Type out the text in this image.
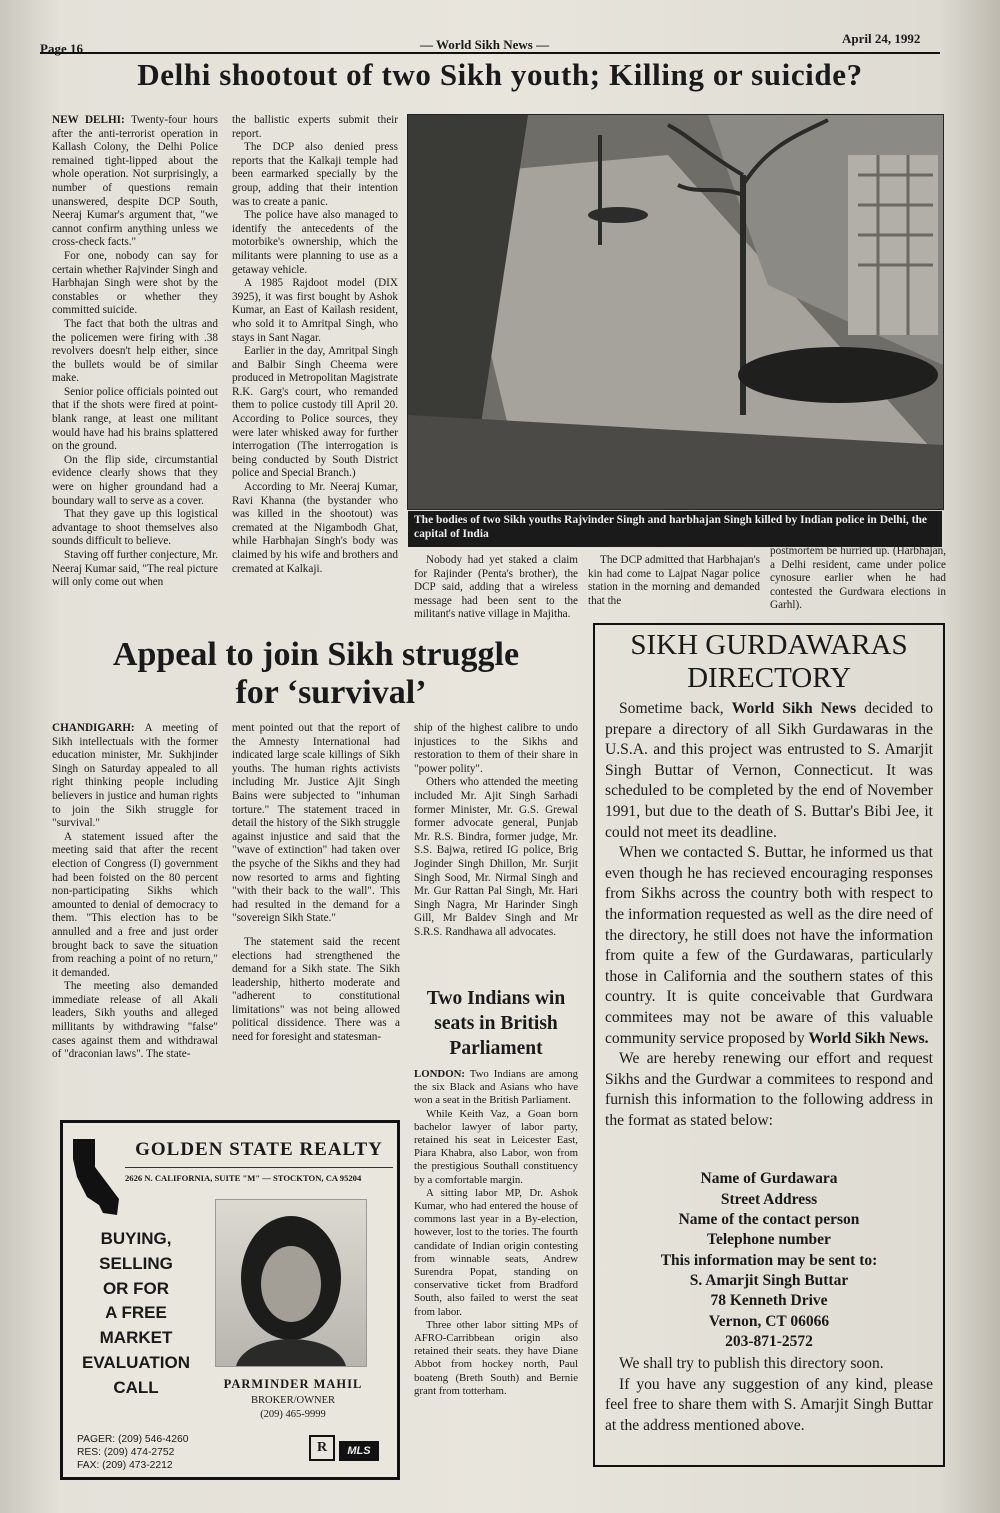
Page 16	— World Sikh News —	April 24, 1992
Delhi shootout of two Sikh youth; Killing or suicide?

NEW DELHI: Twenty-four hours after the anti-terrorist operation in Kallash Colony, the Delhi Police remained tight-lipped about the whole operation. Not surprisingly, a number of questions remain unanswered, despite DCP South, Neeraj Kumar's argument that, "we cannot confirm anything unless we cross-check facts."

For one, nobody can say for certain whether Rajvinder Singh and Harbhajan Singh were shot by the constables or whether they committed suicide.

The fact that both the ultras and the policemen were firing with .38 revolvers doesn't help either, since the bullets would be of similar make.

Senior police officials pointed out that if the shots were fired at point-blank range, at least one militant would have had his brains splattered on the ground.

On the flip side, circumstantial evidence clearly shows that they were on higher groundand had a boundary wall to serve as a cover.

That they gave up this logistical advantage to shoot themselves also sounds difficult to believe.

Staving off further conjecture, Mr. Neeraj Kumar said, "The real picture will only come out when

the ballistic experts submit their report.

The DCP also denied press reports that the Kalkaji temple had been earmarked specially by the group, adding that their intention was to create a panic.

The police have also managed to identify the antecedents of the motorbike's ownership, which the militants were planning to use as a getaway vehicle.

A 1985 Rajdoot model (DIX 3925), it was first bought by Ashok Kumar, an East of Kailash resident, who sold it to Amritpal Singh, who stays in Sant Nagar.

Earlier in the day, Amritpal Singh and Balbir Singh Cheema were produced in Metropolitan Magistrate R.K. Garg's court, who remanded them to police custody till April 20. According to Police sources, they were later whisked away for further interrogation (The interrogation is being conducted by South District police and Special Branch.)

According to Mr. Neeraj Kumar, Ravi Khanna (the bystander who was killed in the shootout) was cremated at the Nigambodh Ghat, while Harbhajan Singh's body was claimed by his wife and brothers and cremated at Kalkaji.

The bodies of two Sikh youths Rajvinder Singh and harbhajan Singh killed by Indian police in Delhi, the capital of India

Nobody had yet staked a claim for Rajinder (Penta's brother), the DCP said, adding that a wireless message had been sent to the militant's native village in Majitha.

The DCP admitted that Harbhajan's kin had come to Lajpat Nagar police station in the morning and demanded that the

postmortem be hurried up. (Harbhajan, a Delhi resident, came under police cynosure earlier when he had contested the Gurdwara elections in Garhl).

Appeal to join Sikh struggle
for ‘survival’

CHANDIGARH: A meeting of Sikh intellectuals with the former education minister, Mr. Sukhjinder Singh on Saturday appealed to all right thinking people including believers in justice and human rights to join the Sikh struggle for "survival."

A statement issued after the meeting said that after the recent election of Congress (I) government had been foisted on the 80 percent non-participating Sikhs which amounted to denial of democracy to them. "This election has to be annulled and a free and just order brought back to save the situation from reaching a point of no return," it demanded.

The meeting also demanded immediate release of all Akali leaders, Sikh youths and alleged millitants by withdrawing "false" cases against them and withdrawal of "draconian laws". The state-

ment pointed out that the report of the Amnesty International had indicated large scale killings of Sikh youths. The human rights activists including Mr. Justice Ajit Singh Bains were subjected to "inhuman torture." The statement traced in detail the history of the Sikh struggle against injustice and said that the "wave of extinction" had taken over the psyche of the Sikhs and they had now resorted to arms and fighting "with their back to the wall". This had resulted in the demand for a "sovereign Sikh State."

The statement said the recent elections had strengthened the demand for a Sikh state. The Sikh leadership, hitherto moderate and "adherent to constitutional limitations" was not being allowed political dissidence. There was a need for foresight and statesman-

ship of the highest calibre to undo injustices to the Sikhs and restoration to them of their share in "power polity".

Others who attended the meeting included Mr. Ajit Singh Sarhadi former Minister, Mr. G.S. Grewal former advocate general, Punjab Mr. R.S. Bindra, former judge, Mr. S.S. Bajwa, retired IG police, Brig Joginder Singh Dhillon, Mr. Surjit Singh Sood, Mr. Nirmal Singh and Mr. Gur Rattan Pal Singh, Mr. Hari Singh Nagra, Mr Harinder Singh Gill, Mr Baldev Singh and Mr S.R.S. Randhawa all advocates.

Two Indians win
seats in British
Parliament

LONDON: Two Indians are among the six Black and Asians who have won a seat in the British Parliament.

While Keith Vaz, a Goan born bachelor lawyer of labor party, retained his seat in Leicester East, Piara Khabra, also Labor, won from the prestigious Southall constituency by a comfortable margin.

A sitting labor MP, Dr. Ashok Kumar, who had entered the house of commons last year in a By-election, however, lost to the tories. The fourth candidate of Indian origin contesting from winnable seats, Andrew Surendra Popat, standing on conservative ticket from Bradford South, also failed to werst the seat from labor.

Three other labor sitting MPs of AFRO-Carribbean origin also retained their seats. they have Diane Abbot from hockey north, Paul boateng (Breth South) and Bernie grant from totterham.

SIKH GURDAWARAS
DIRECTORY

Sometime back, World Sikh News decided to prepare a directory of all Sikh Gurdawaras in the U.S.A. and this project was entrusted to S. Amarjit Singh Buttar of Vernon, Connecticut. It was scheduled to be completed by the end of November 1991, but due to the death of S. Buttar's Bibi Jee, it could not meet its deadline.

When we contacted S. Buttar, he informed us that even though he has recieved encouraging responses from Sikhs across the country both with respect to the information requested as well as the dire need of the directory, he still does not have the information from quite a few of the Gurdawaras, particularly those in California and the southern states of this country. It is quite conceivable that Gurdwara commitees may not be aware of this valuable community service proposed by World Sikh News.

We are hereby renewing our effort and request Sikhs and the Gurdwar a commitees to respond and furnish this information to the following address in the format as stated below:

Name of Gurdawara
Street Address
Name of the contact person
Telephone number
This information may be sent to:
S. Amarjit Singh Buttar
78 Kenneth Drive
Vernon, CT 06066
203-871-2572

We shall try to publish this directory soon.

If you have any suggestion of any kind, please feel free to share them with S. Amarjit Singh Buttar at the address mentioned above.

GOLDEN STATE REALTY
2626 N. CALIFORNIA, SUITE "M" — STOCKTON, CA 95204
BUYING,
SELLING
OR FOR
A FREE
MARKET
EVALUATION
CALL	PARMINDER MAHIL
BROKER/OWNER
(209) 465-9999
PAGER: (209) 546-4260
RES: (209) 474-2752
FAX: (209) 473-2212
R	MLS
